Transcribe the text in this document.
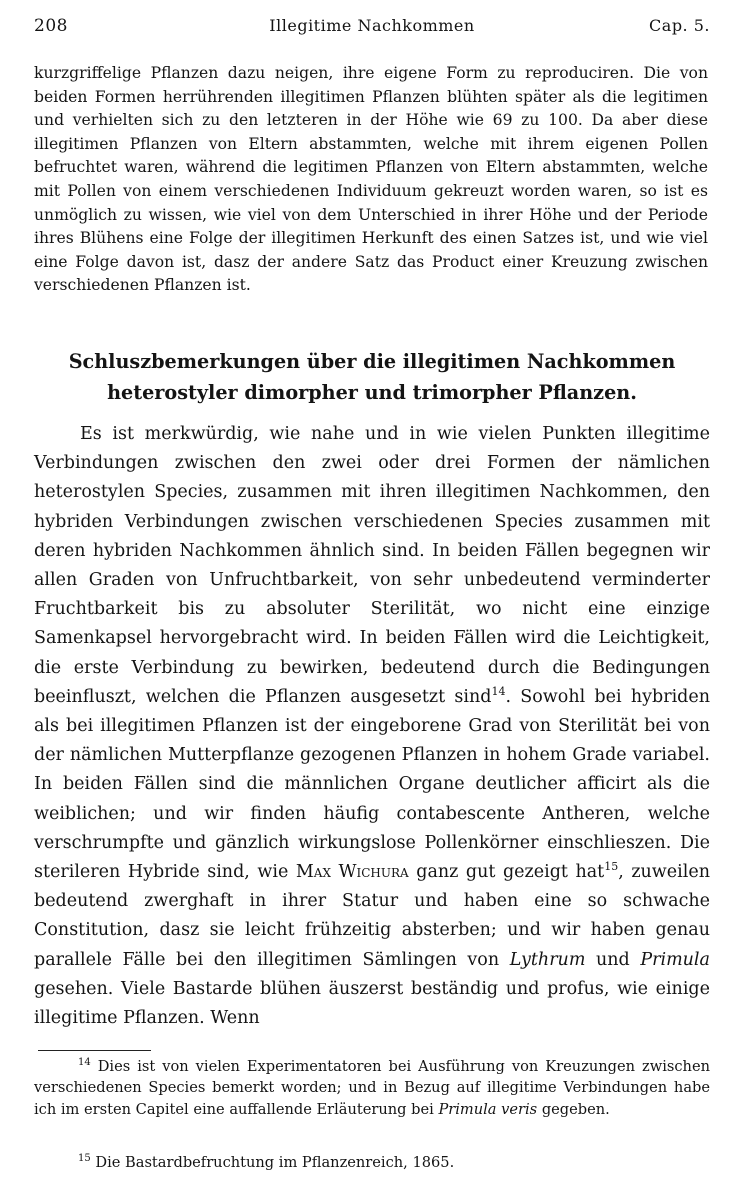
208	Illegitime Nachkommen	Cap. 5.
kurzgriffelige Pflanzen dazu neigen, ihre eigene Form zu reproduciren. Die von beiden Formen herrührenden illegitimen Pflanzen blühten später als die legitimen und verhielten sich zu den letzteren in der Höhe wie 69 zu 100. Da aber diese illegitimen Pflanzen von Eltern abstammten, welche mit ihrem eigenen Pollen befruchtet waren, während die legitimen Pflanzen von Eltern abstammten, welche mit Pollen von einem verschiedenen Individuum gekreuzt worden waren, so ist es unmöglich zu wissen, wie viel von dem Unterschied in ihrer Höhe und der Periode ihres Blühens eine Folge der illegitimen Herkunft des einen Satzes ist, und wie viel eine Folge davon ist, dasz der andere Satz das Product einer Kreuzung zwischen verschiedenen Pflanzen ist.
Schluszbemerkungen über die illegitimen Nachkommen heterostyler dimorpher und trimorpher Pflanzen.
Es ist merkwürdig, wie nahe und in wie vielen Punkten illegitime Verbindungen zwischen den zwei oder drei Formen der nämlichen heterostylen Species, zusammen mit ihren illegitimen Nachkommen, den hybriden Verbindungen zwischen verschiedenen Species zusammen mit deren hybriden Nachkommen ähnlich sind. In beiden Fällen begegnen wir allen Graden von Unfruchtbarkeit, von sehr unbedeutend verminderter Fruchtbarkeit bis zu absoluter Sterilität, wo nicht eine einzige Samenkapsel hervorgebracht wird. In beiden Fällen wird die Leichtigkeit, die erste Verbindung zu bewirken, bedeutend durch die Bedingungen beeinfluszt, welchen die Pflanzen ausgesetzt sind$^{14}$. Sowohl bei hybriden als bei illegitimen Pflanzen ist der eingeborene Grad von Sterilität bei von der nämlichen Mutterpflanze gezogenen Pflanzen in hohem Grade variabel. In beiden Fällen sind die männlichen Organe deutlicher afficirt als die weiblichen; und wir finden häufig contabescente Antheren, welche verschrumpfte und gänzlich wirkungslose Pollenkörner einschlieszen. Die sterileren Hybride sind, wie Max Wichura ganz gut gezeigt hat$^{15}$, zuweilen bedeutend zwerghaft in ihrer Statur und haben eine so schwache Constitution, dasz sie leicht frühzeitig absterben; und wir haben genau parallele Fälle bei den illegitimen Sämlingen von Lythrum und Primula gesehen. Viele Bastarde blühen äuszerst beständig und profus, wie einige illegitime Pflanzen. Wenn

$^{14}$ Dies ist von vielen Experimentatoren bei Ausführung von Kreuzungen zwischen verschiedenen Species bemerkt worden; und in Bezug auf illegitime Verbindungen habe ich im ersten Capitel eine auffallende Erläuterung bei Primula veris gegeben.

$^{15}$ Die Bastardbefruchtung im Pflanzenreich, 1865.
